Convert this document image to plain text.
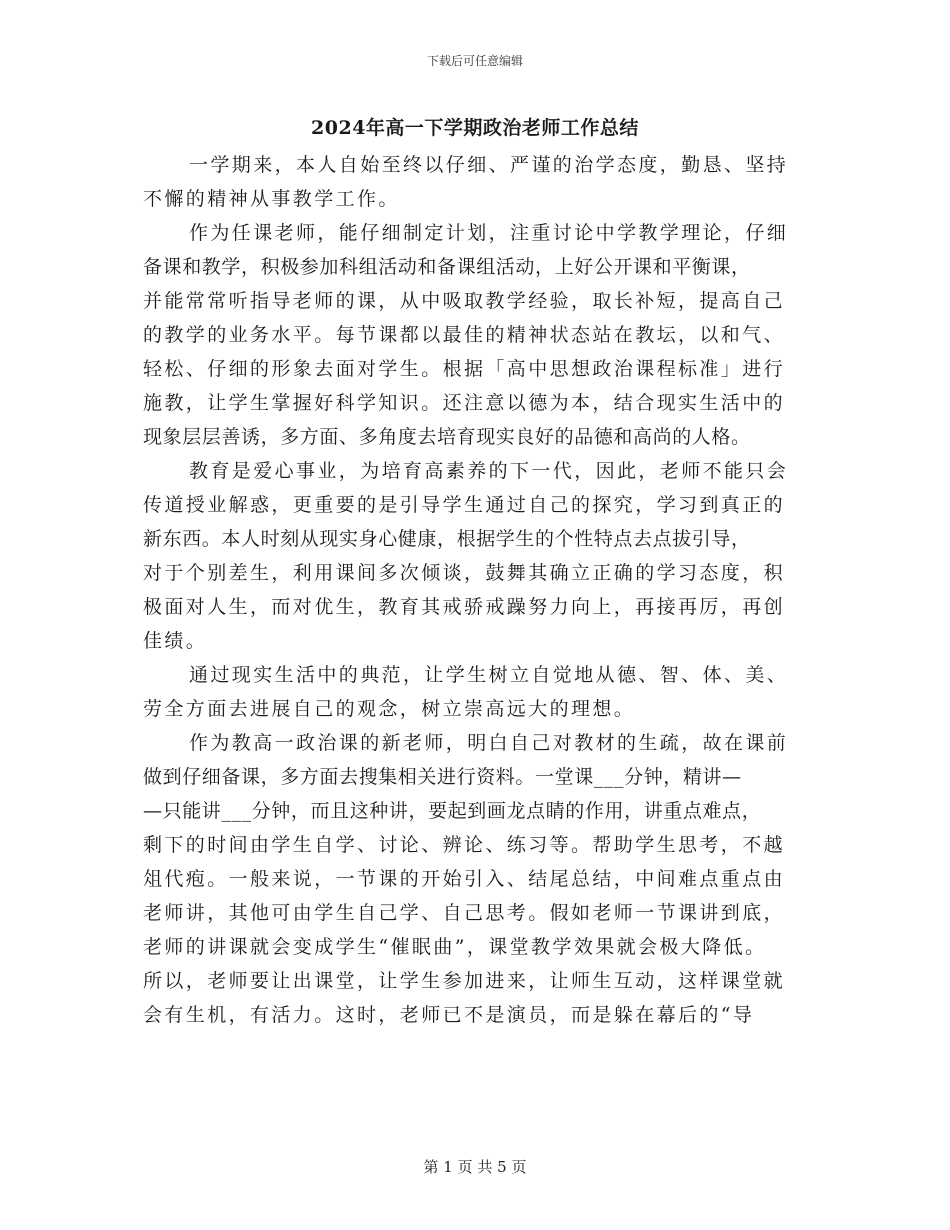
下载后可任意编辑
2024年高一下学期政治老师工作总结
一学期来，本人自始至终以仔细、严谨的治学态度，勤恳、坚持
不懈的精神从事教学工作。
作为任课老师，能仔细制定计划，注重讨论中学教学理论，仔细
备课和教学，积极参加科组活动和备课组活动，上好公开课和平衡课，
并能常常听指导老师的课，从中吸取教学经验，取长补短，提高自己
的教学的业务水平。每节课都以最佳的精神状态站在教坛，以和气、
轻松、仔细的形象去面对学生。根据「高中思想政治课程标准」进行
施教，让学生掌握好科学知识。还注意以德为本，结合现实生活中的
现象层层善诱，多方面、多角度去培育现实良好的品德和高尚的人格。
教育是爱心事业，为培育高素养的下一代，因此，老师不能只会
传道授业解惑，更重要的是引导学生通过自己的探究，学习到真正的
新东西。本人时刻从现实身心健康，根据学生的个性特点去点拔引导，
对于个别差生，利用课间多次倾谈，鼓舞其确立正确的学习态度，积
极面对人生，而对优生，教育其戒骄戒躁努力向上，再接再厉，再创
佳绩。
通过现实生活中的典范，让学生树立自觉地从德、智、体、美、
劳全方面去进展自己的观念，树立崇高远大的理想。
作为教高一政治课的新老师，明白自己对教材的生疏，故在课前
做到仔细备课，多方面去搜集相关进行资料。一堂课___分钟，精讲—
—只能讲___分钟，而且这种讲，要起到画龙点睛的作用，讲重点难点，
剩下的时间由学生自学、讨论、辨论、练习等。帮助学生思考，不越
俎代疱。一般来说，一节课的开始引入、结尾总结，中间难点重点由
老师讲，其他可由学生自己学、自己思考。假如老师一节课讲到底，
老师的讲课就会变成学生“催眠曲”，课堂教学效果就会极大降低。
所以，老师要让出课堂，让学生参加进来，让师生互动，这样课堂就
会有生机，有活力。这时，老师已不是演员，而是躲在幕后的“导
第 1 页 共 5 页
